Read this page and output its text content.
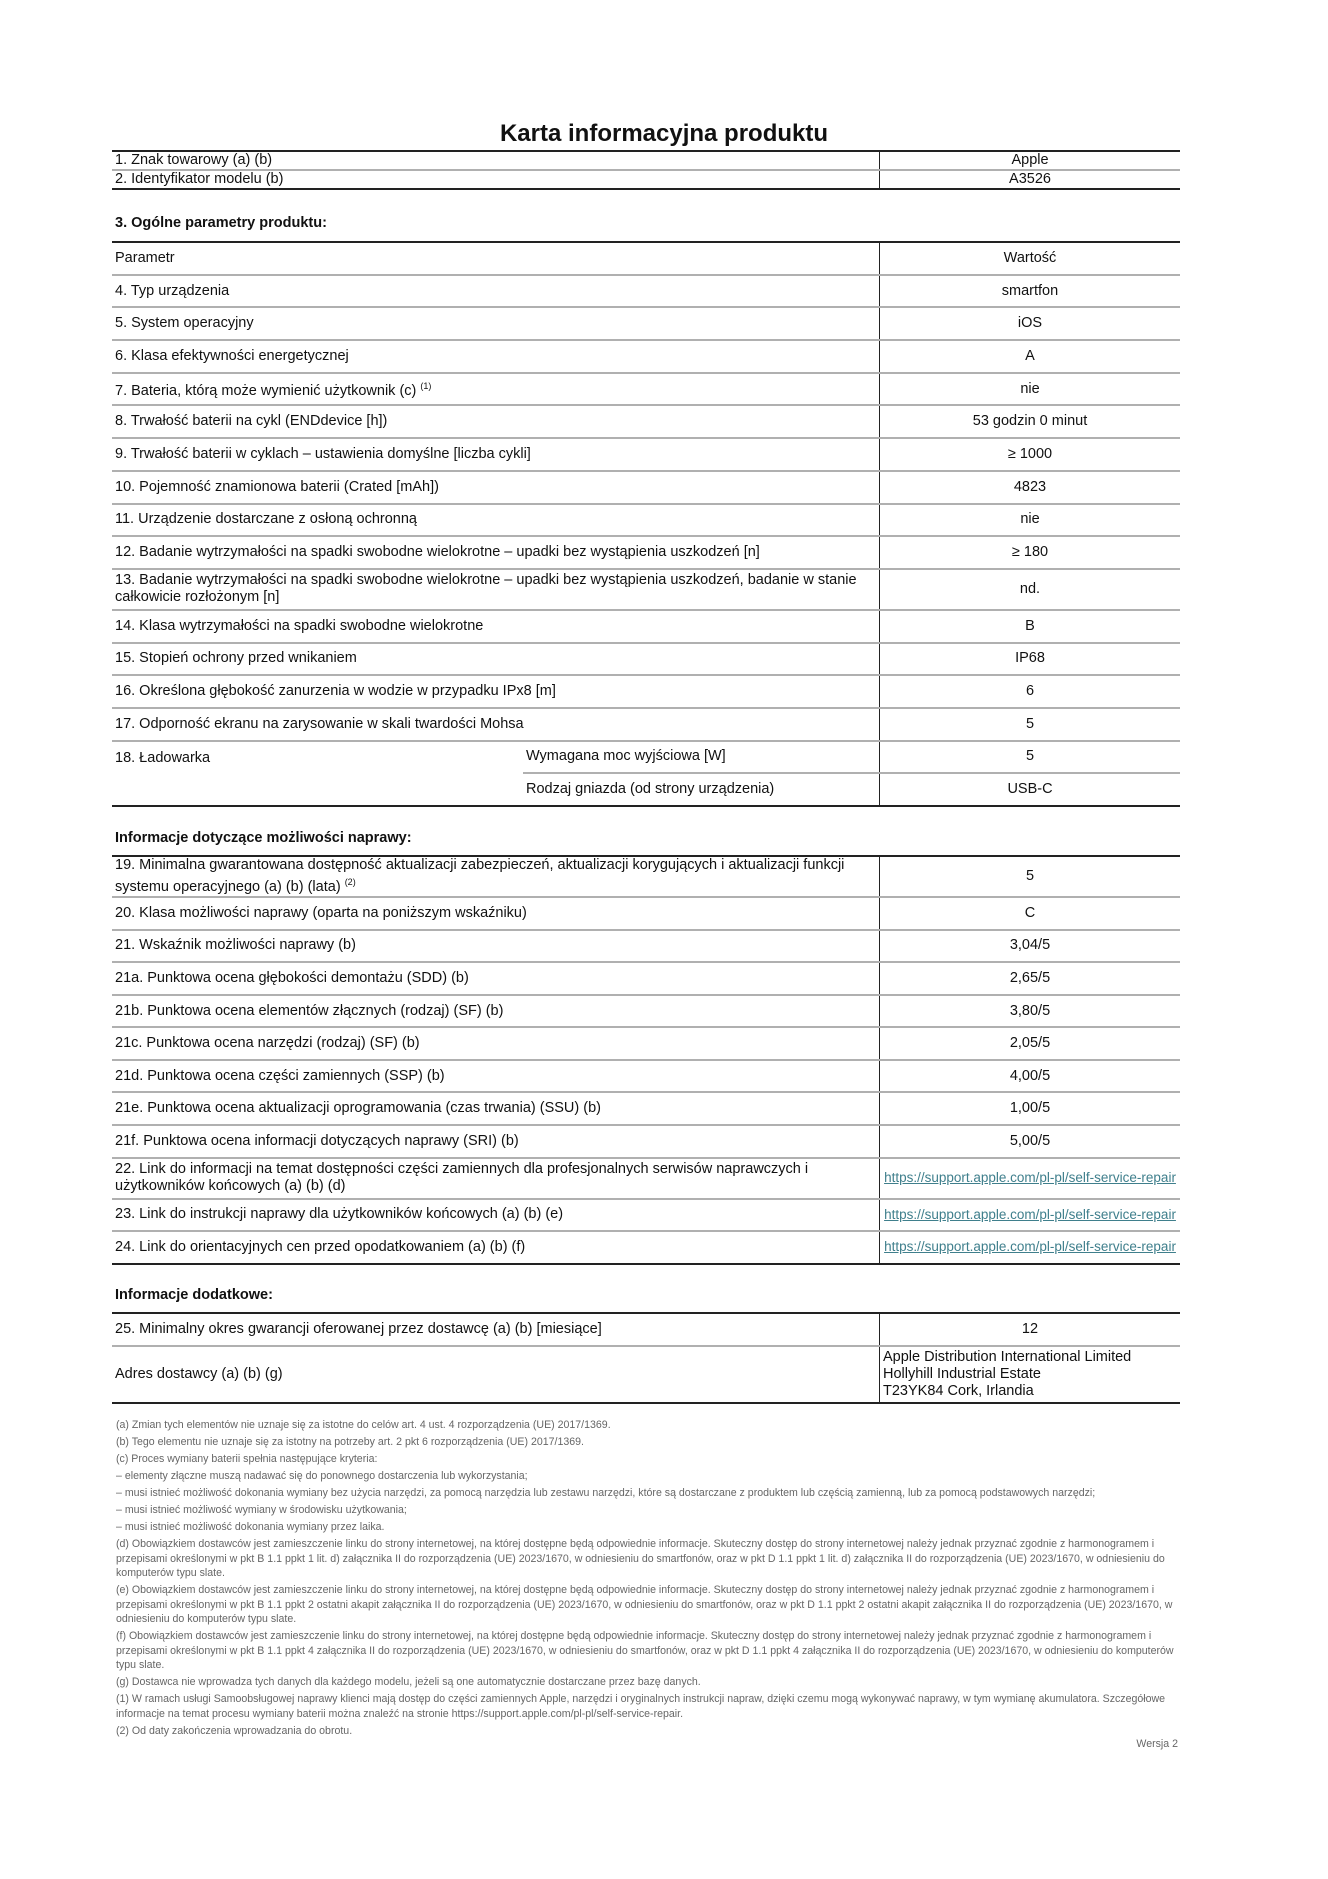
Karta informacyjna produktu
1. Znak towarowy (a) (b)	Apple
2. Identyfikator modelu (b)	A3526
3. Ogólne parametry produktu:
Parametr		Wartość
4. Typ urządzenia		smartfon
5. System operacyjny		iOS
6. Klasa efektywności energetycznej		A
7. Bateria, którą może wymienić użytkownik (c) $^{(1)}$		nie
8. Trwałość baterii na cykl (ENDdevice [h])		53 godzin 0 minut
9. Trwałość baterii w cyklach – ustawienia domyślne [liczba cykli]		≥ 1000
10. Pojemność znamionowa baterii (Crated [mAh])		4823
11. Urządzenie dostarczane z osłoną ochronną		nie
12. Badanie wytrzymałości na spadki swobodne wielokrotne – upadki bez wystąpienia uszkodzeń [n]		≥ 180
13. Badanie wytrzymałości na spadki swobodne wielokrotne – upadki bez wystąpienia uszkodzeń, badanie w stanie całkowicie rozłożonym [n]		nd.
14. Klasa wytrzymałości na spadki swobodne wielokrotne		B
15. Stopień ochrony przed wnikaniem		IP68
16. Określona głębokość zanurzenia w wodzie w przypadku IPx8 [m]		6
17. Odporność ekranu na zarysowanie w skali twardości Mohsa		5
18. Ładowarka	Wymagana moc wyjściowa [W]	5
	Rodzaj gniazda (od strony urządzenia)	USB-C
Informacje dotyczące możliwości naprawy:
19. Minimalna gwarantowana dostępność aktualizacji zabezpieczeń, aktualizacji korygujących i aktualizacji funkcji systemu operacyjnego (a) (b) (lata) $^{(2)}$	5
20. Klasa możliwości naprawy (oparta na poniższym wskaźniku)	C
21. Wskaźnik możliwości naprawy (b)	3,04/5
21a. Punktowa ocena głębokości demontażu (SDD) (b)	2,65/5
21b. Punktowa ocena elementów złącznych (rodzaj) (SF) (b)	3,80/5
21c. Punktowa ocena narzędzi (rodzaj) (SF) (b)	2,05/5
21d. Punktowa ocena części zamiennych (SSP) (b)	4,00/5
21e. Punktowa ocena aktualizacji oprogramowania (czas trwania) (SSU) (b)	1,00/5
21f. Punktowa ocena informacji dotyczących naprawy (SRI) (b)	5,00/5
22. Link do informacji na temat dostępności części zamiennych dla profesjonalnych serwisów naprawczych i użytkowników końcowych (a) (b) (d)	https://support.apple.com/pl-pl/self-service-repair
23. Link do instrukcji naprawy dla użytkowników końcowych (a) (b) (e)	https://support.apple.com/pl-pl/self-service-repair
24. Link do orientacyjnych cen przed opodatkowaniem (a) (b) (f)	https://support.apple.com/pl-pl/self-service-repair
Informacje dodatkowe:
25. Minimalny okres gwarancji oferowanej przez dostawcę (a) (b) [miesiące]	12
Adres dostawcy (a) (b) (g)	Apple Distribution International Limited
Hollyhill Industrial Estate
T23YK84 Cork, Irlandia

(a) Zmian tych elementów nie uznaje się za istotne do celów art. 4 ust. 4 rozporządzenia (UE) 2017/1369.

(b) Tego elementu nie uznaje się za istotny na potrzeby art. 2 pkt 6 rozporządzenia (UE) 2017/1369.

(c) Proces wymiany baterii spełnia następujące kryteria:

– elementy złączne muszą nadawać się do ponownego dostarczenia lub wykorzystania;

– musi istnieć możliwość dokonania wymiany bez użycia narzędzi, za pomocą narzędzia lub zestawu narzędzi, które są dostarczane z produktem lub częścią zamienną, lub za pomocą podstawowych narzędzi;

– musi istnieć możliwość wymiany w środowisku użytkowania;

– musi istnieć możliwość dokonania wymiany przez laika.

(d) Obowiązkiem dostawców jest zamieszczenie linku do strony internetowej, na której dostępne będą odpowiednie informacje. Skuteczny dostęp do strony internetowej należy jednak przyznać zgodnie z harmonogramem i przepisami określonymi w pkt B 1.1 ppkt 1 lit. d) załącznika II do rozporządzenia (UE) 2023/1670, w odniesieniu do smartfonów, oraz w pkt D 1.1 ppkt 1 lit. d) załącznika II do rozporządzenia (UE) 2023/1670, w odniesieniu do komputerów typu slate.

(e) Obowiązkiem dostawców jest zamieszczenie linku do strony internetowej, na której dostępne będą odpowiednie informacje. Skuteczny dostęp do strony internetowej należy jednak przyznać zgodnie z harmonogramem i przepisami określonymi w pkt B 1.1 ppkt 2 ostatni akapit załącznika II do rozporządzenia (UE) 2023/1670, w odniesieniu do smartfonów, oraz w pkt D 1.1 ppkt 2 ostatni akapit załącznika II do rozporządzenia (UE) 2023/1670, w odniesieniu do komputerów typu slate.

(f) Obowiązkiem dostawców jest zamieszczenie linku do strony internetowej, na której dostępne będą odpowiednie informacje. Skuteczny dostęp do strony internetowej należy jednak przyznać zgodnie z harmonogramem i przepisami określonymi w pkt B 1.1 ppkt 4 załącznika II do rozporządzenia (UE) 2023/1670, w odniesieniu do smartfonów, oraz w pkt D 1.1 ppkt 4 załącznika II do rozporządzenia (UE) 2023/1670, w odniesieniu do komputerów typu slate.

(g) Dostawca nie wprowadza tych danych dla każdego modelu, jeżeli są one automatycznie dostarczane przez bazę danych.

(1) W ramach usługi Samoobsługowej naprawy klienci mają dostęp do części zamiennych Apple, narzędzi i oryginalnych instrukcji napraw, dzięki czemu mogą wykonywać naprawy, w tym wymianę akumulatora. Szczegółowe informacje na temat procesu wymiany baterii można znaleźć na stronie https://support.apple.com/pl-pl/self-service-repair.

(2) Od daty zakończenia wprowadzania do obrotu.

Wersja 2
